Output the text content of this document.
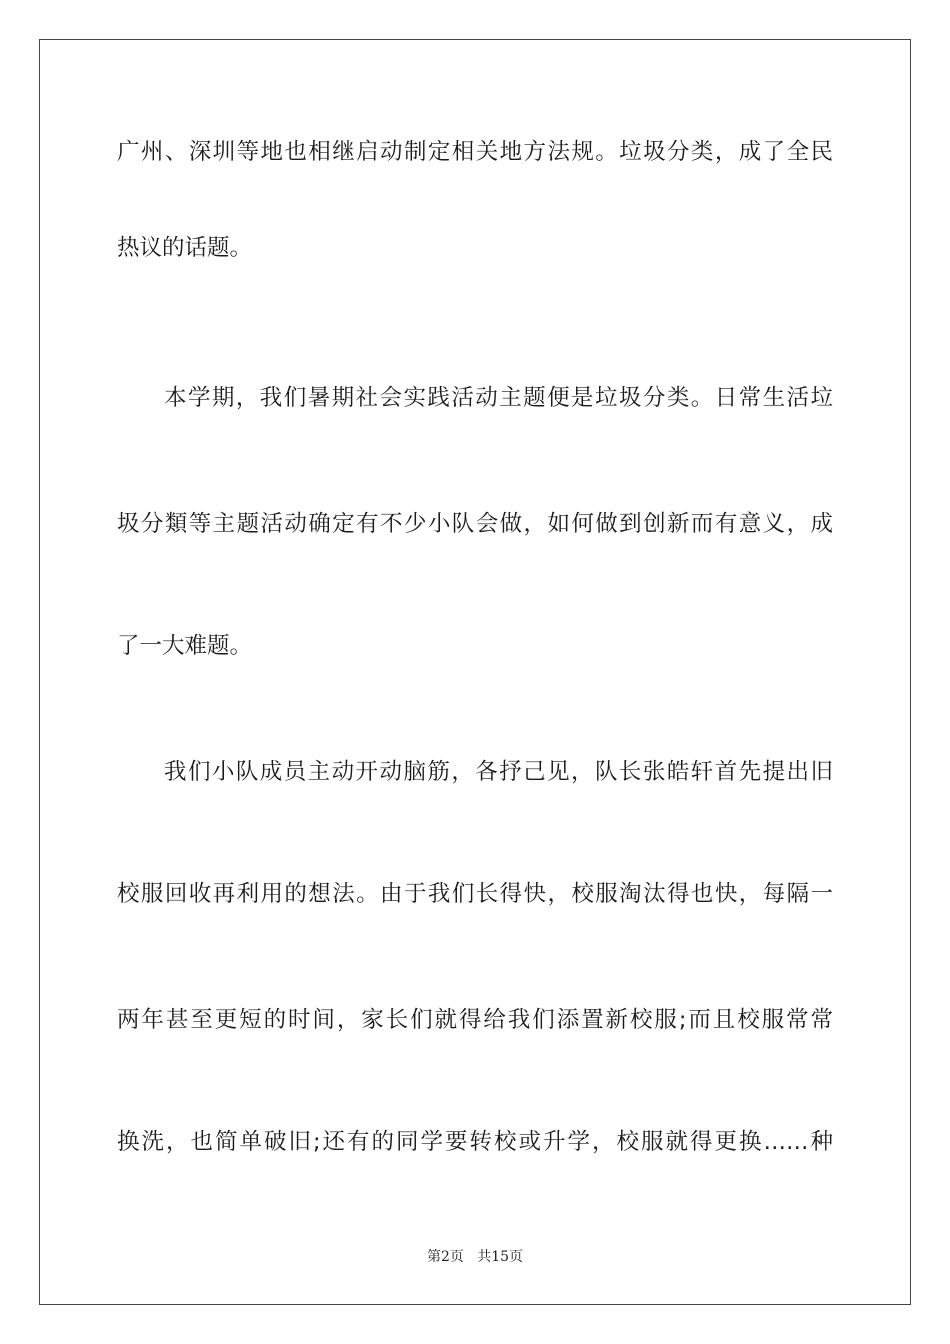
广州、深圳等地也相继启动制定相关地方法规。垃圾分类，成了全民
热议的话题。
本学期，我们暑期社会实践活动主题便是垃圾分类。日常生活垃
圾分類等主题活动确定有不少小队会做，如何做到创新而有意义，成
了一大难题。
我们小队成员主动开动脑筋，各抒己见，队长张皓轩首先提出旧
校服回收再利用的想法。由于我们长得快，校服淘汰得也快，每隔一
两年甚至更短的时间，家长们就得给我们添置新校服;而且校服常常
换洗，也简单破旧;还有的同学要转校或升学，校服就得更换……种
第2页   共15页
